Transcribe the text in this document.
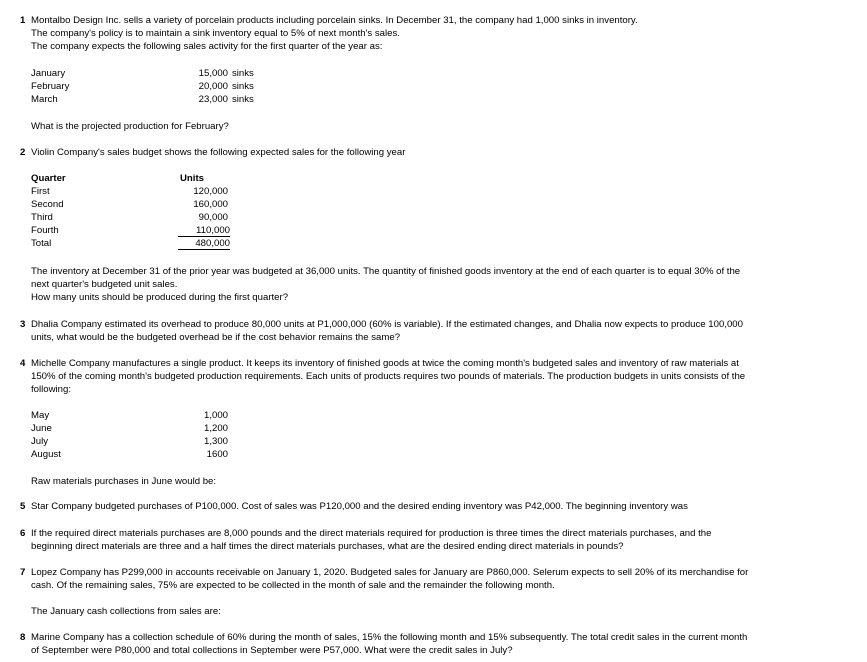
1 Montalbo Design Inc. sells a variety of porcelain products including porcelain sinks. In December 31, the company had 1,000 sinks in inventory.
The company's policy is to maintain a sink inventory equal to 5% of next month's sales.
The company expects the following sales activity for the first quarter of the year as:
January	15,000 sinks
February	20,000 sinks
March	23,000 sinks
What is the projected production for February?
2 Violin Company's sales budget shows the following expected sales for the following year
Quarter	Units
First	120,000
Second	160,000
Third	90,000
Fourth	110,000
Total	480,000
The inventory at December 31 of the prior year was budgeted at 36,000 units. The quantity of finished goods inventory at the end of each quarter is to equal 30% of the
next quarter's budgeted unit sales.
How many units should be produced during the first quarter?
3 Dhalia Company estimated its overhead to produce 80,000 units at P1,000,000 (60% is variable). If the estimated changes, and Dhalia now expects to produce 100,000
units, what would be the budgeted overhead be if the cost behavior remains the same?
4 Michelle Company manufactures a single product. It keeps its inventory of finished goods at twice the coming month's budgeted sales and inventory of raw materials at
150% of the coming month's budgeted production requirements. Each units of products requires two pounds of materials. The production budgets in units consists of the
following:
May	1,000
June	1,200
July	1,300
August	1600
Raw materials purchases in June would be:
5 Star Company budgeted purchases of P100,000. Cost of sales was P120,000 and the desired ending inventory was P42,000. The beginning inventory was
6 If the required direct materials purchases are 8,000 pounds and the direct materials required for production is three times the direct materials purchases, and the
beginning direct materials are three and a half times the direct materials purchases, what are the desired ending direct materials in pounds?
7 Lopez Company has P299,000 in accounts receivable on January 1, 2020. Budgeted sales for January are P860,000. Selerum expects to sell 20% of its merchandise for
cash. Of the remaining sales, 75% are expected to be collected in the month of sale and the remainder the following month.
The January cash collections from sales are:
8 Marine Company has a collection schedule of 60% during the month of sales, 15% the following month and 15% subsequently. The total credit sales in the current month
of September were P80,000 and total collections in September were P57,000. What were the credit sales in July?
